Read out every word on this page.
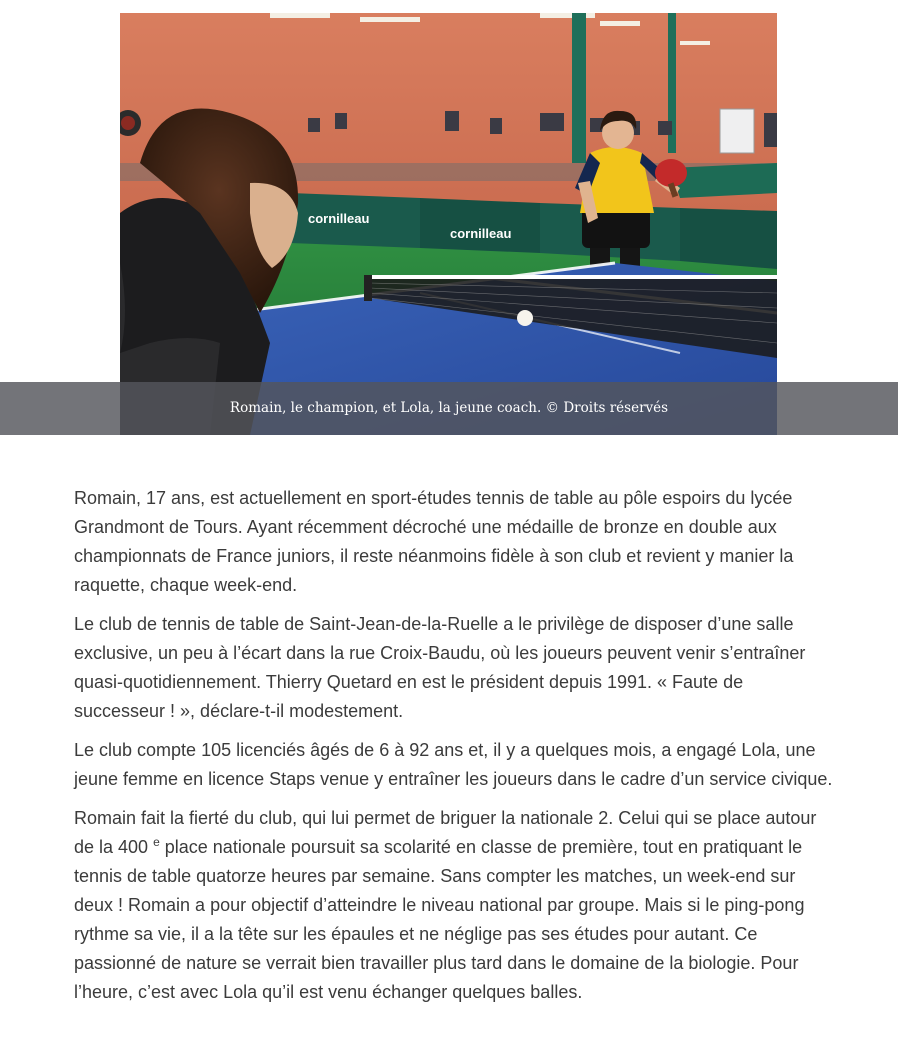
cornilleau
cornilleau
Romain, le champion, et Lola, la jeune coach. © Droits réservés

Romain, 17 ans, est actuellement en sport-études tennis de table au pôle espoirs du lycée Grandmont de Tours. Ayant récemment décroché une médaille de bronze en double aux championnats de France juniors, il reste néanmoins fidèle à son club et revient y manier la raquette, chaque week-end.

Le club de tennis de table de Saint-Jean-de-la-Ruelle a le privilège de disposer d’une salle exclusive, un peu à l’écart dans la rue Croix-Baudu, où les joueurs peuvent venir s’entraîner quasi-quotidiennement. Thierry Quetard en est le président depuis 1991. « Faute de successeur ! », déclare-t-il modestement.

Le club compte 105 licenciés âgés de 6 à 92 ans et, il y a quelques mois, a engagé Lola, une jeune femme en licence Staps venue y entraîner les joueurs dans le cadre d’un service civique.

Romain fait la fierté du club, qui lui permet de briguer la nationale 2. Celui qui se place autour de la 400 $^e$ place nationale poursuit sa scolarité en classe de première, tout en pratiquant le tennis de table quatorze heures par semaine. Sans compter les matches, un week-end sur deux ! Romain a pour objectif d’atteindre le niveau national par groupe. Mais si le ping-pong rythme sa vie, il a la tête sur les épaules et ne néglige pas ses études pour autant. Ce passionné de nature se verrait bien travailler plus tard dans le domaine de la biologie. Pour l’heure, c’est avec Lola qu’il est venu échanger quelques balles.
